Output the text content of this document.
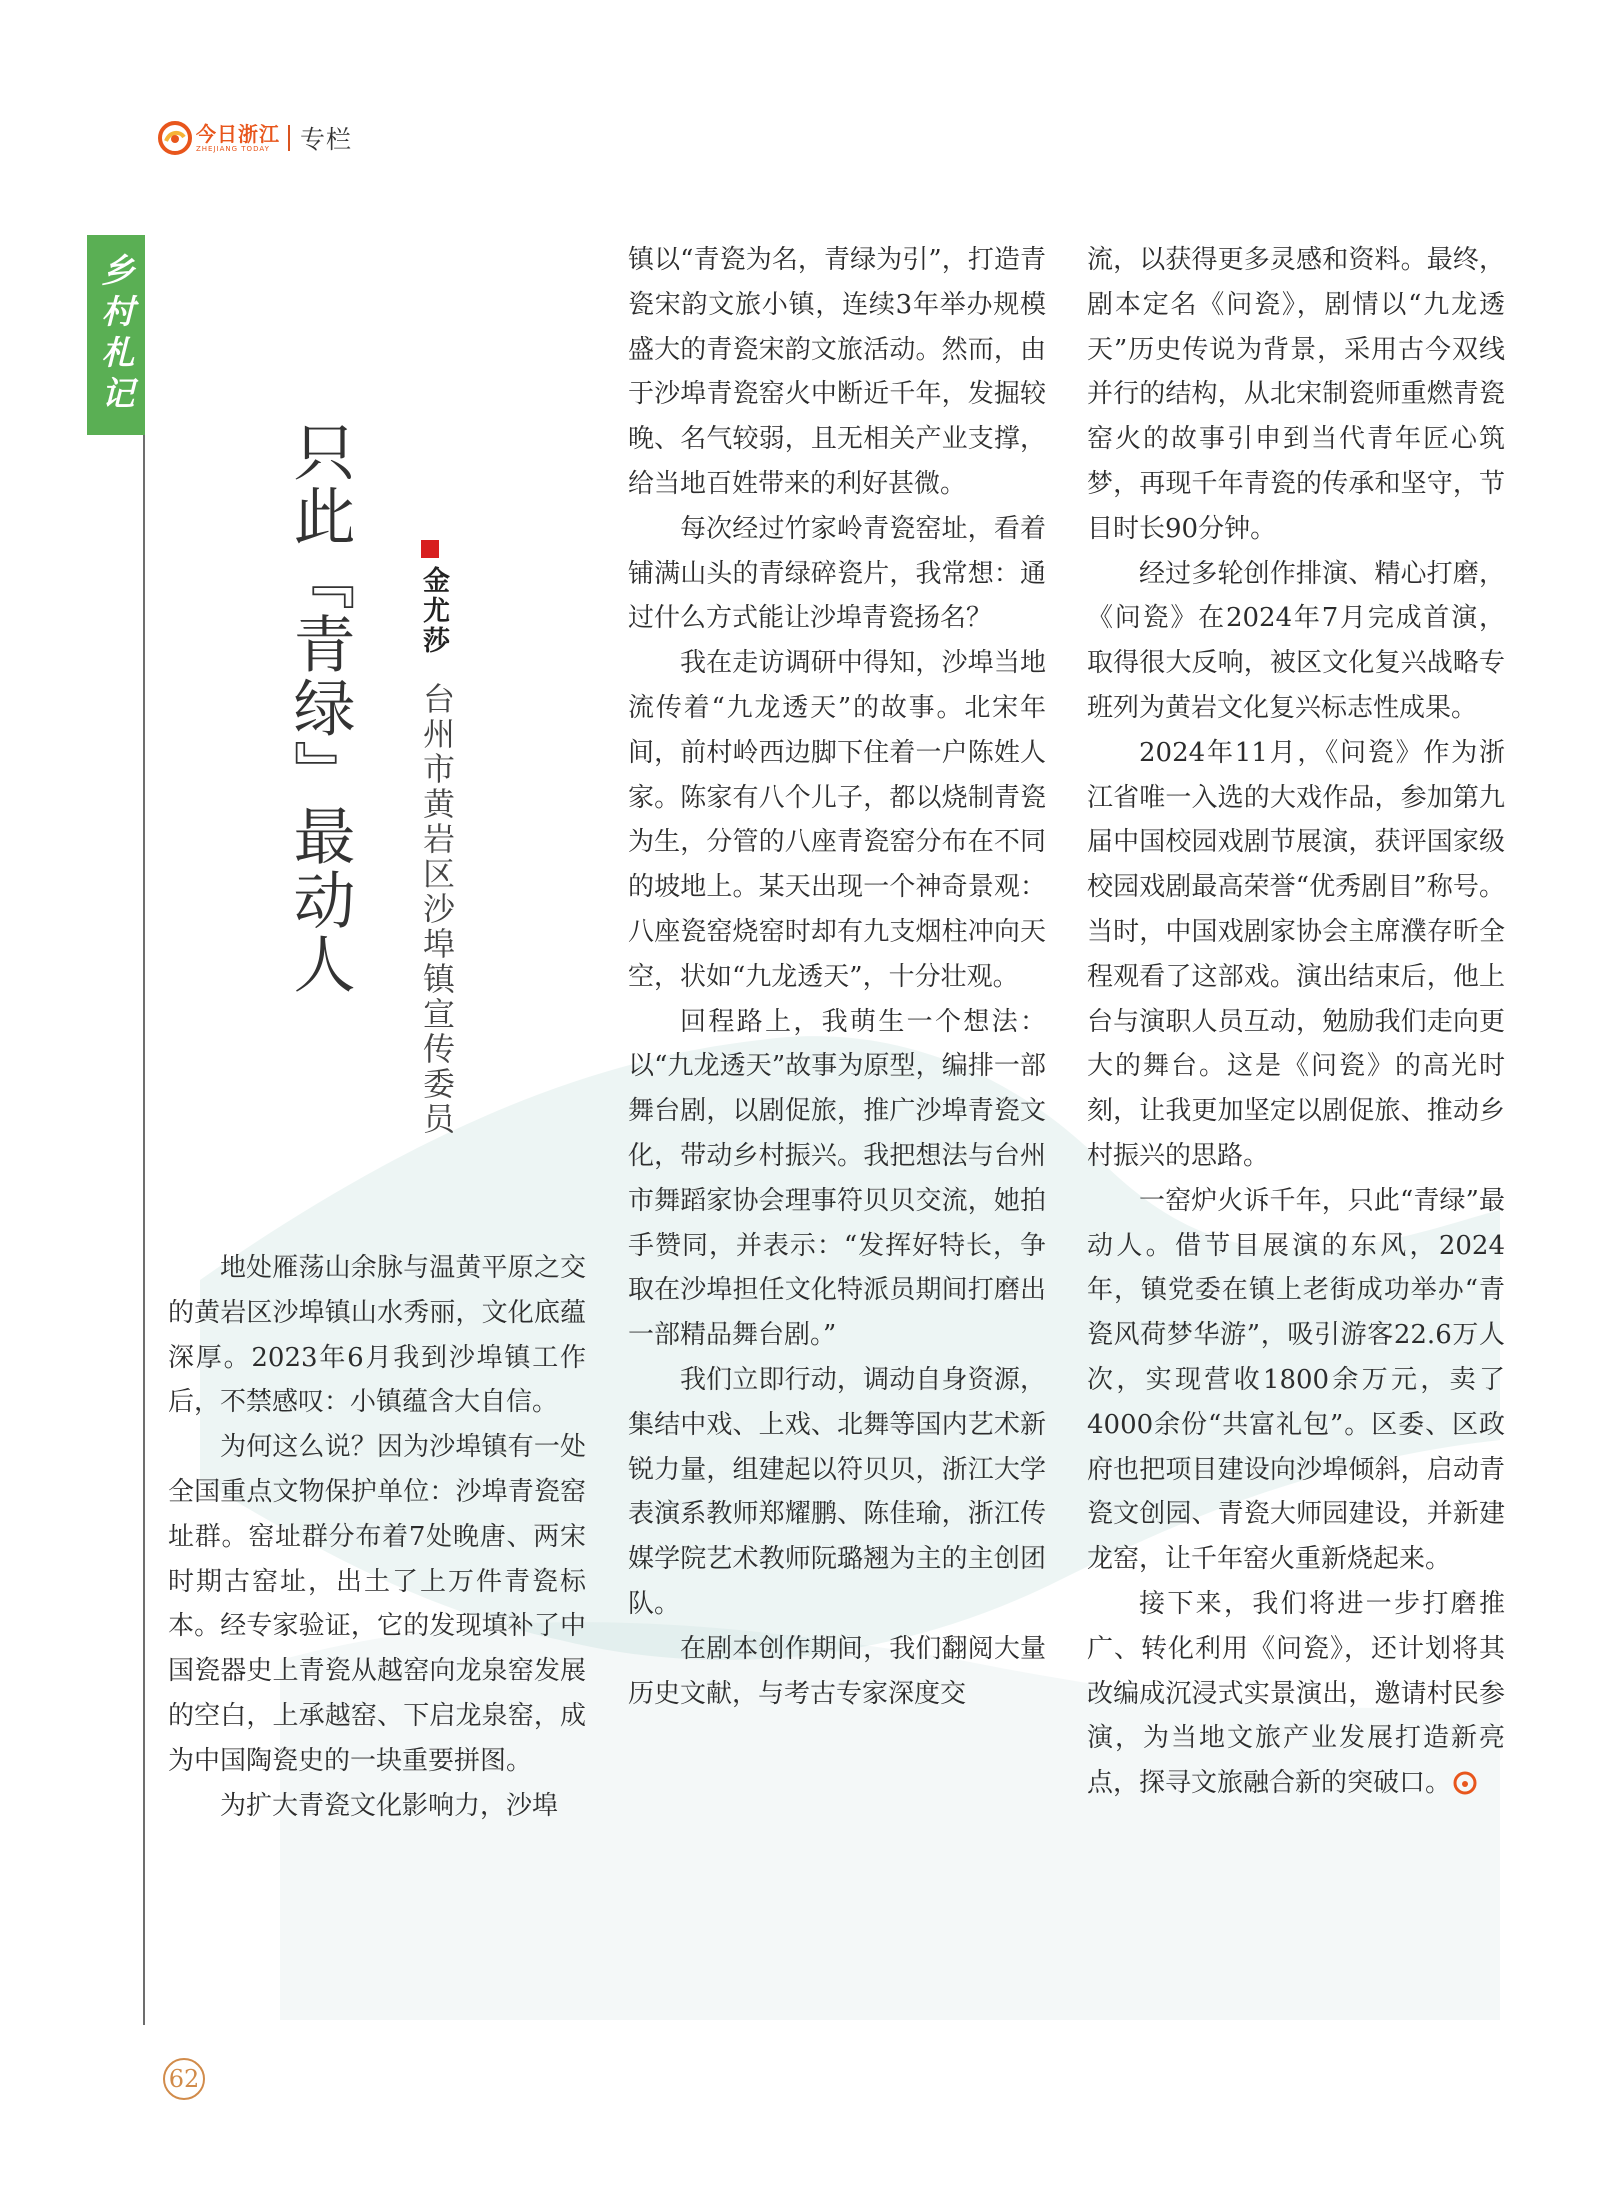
今日浙江
ZHEJIANG TODAY	专栏
乡村札记
只此『青绿』最动人 金尤莎
台州市黄岩区沙埠镇宣传委员

地处雁荡山余脉与温黄平原之交的黄岩区沙埠镇山水秀丽，文化底蕴深厚。2023年6月我到沙埠镇工作后，不禁感叹：小镇蕴含大自信。

为何这么说？因为沙埠镇有一处全国重点文物保护单位：沙埠青瓷窑址群。窑址群分布着7处晚唐、两宋时期古窑址，出土了上万件青瓷标本。经专家验证，它的发现填补了中国瓷器史上青瓷从越窑向龙泉窑发展的空白，上承越窑、下启龙泉窑，成为中国陶瓷史的一块重要拼图。

为扩大青瓷文化影响力，沙埠

镇以“青瓷为名，青绿为引”，打造青瓷宋韵文旅小镇，连续3年举办规模盛大的青瓷宋韵文旅活动。然而，由于沙埠青瓷窑火中断近千年，发掘较晚、名气较弱，且无相关产业支撑，给当地百姓带来的利好甚微。

每次经过竹家岭青瓷窑址，看着铺满山头的青绿碎瓷片，我常想：通过什么方式能让沙埠青瓷扬名？

我在走访调研中得知，沙埠当地流传着“九龙透天”的故事。北宋年间，前村岭西边脚下住着一户陈姓人家。陈家有八个儿子，都以烧制青瓷为生，分管的八座青瓷窑分布在不同的坡地上。某天出现一个神奇景观：八座瓷窑烧窑时却有九支烟柱冲向天空，状如“九龙透天”，十分壮观。

回程路上，我萌生一个想法：以“九龙透天”故事为原型，编排一部舞台剧，以剧促旅，推广沙埠青瓷文化，带动乡村振兴。我把想法与台州市舞蹈家协会理事符贝贝交流，她拍手赞同，并表示：“发挥好特长，争取在沙埠担任文化特派员期间打磨出一部精品舞台剧。”

我们立即行动，调动自身资源，集结中戏、上戏、北舞等国内艺术新锐力量，组建起以符贝贝，浙江大学表演系教师郑耀鹏、陈佳瑜，浙江传媒学院艺术教师阮璐翘为主的主创团队。

在剧本创作期间，我们翻阅大量历史文献，与考古专家深度交

流，以获得更多灵感和资料。最终，剧本定名《问瓷》，剧情以“九龙透天”历史传说为背景，采用古今双线并行的结构，从北宋制瓷师重燃青瓷窑火的故事引申到当代青年匠心筑梦，再现千年青瓷的传承和坚守，节目时长90分钟。

经过多轮创作排演、精心打磨，《问瓷》在2024年7月完成首演，取得很大反响，被区文化复兴战略专班列为黄岩文化复兴标志性成果。

2024年11月，《问瓷》作为浙江省唯一入选的大戏作品，参加第九届中国校园戏剧节展演，获评国家级校园戏剧最高荣誉“优秀剧目”称号。当时，中国戏剧家协会主席濮存昕全程观看了这部戏。演出结束后，他上台与演职人员互动，勉励我们走向更大的舞台。这是《问瓷》的高光时刻，让我更加坚定以剧促旅、推动乡村振兴的思路。

一窑炉火诉千年，只此“青绿”最动人。借节目展演的东风，2024年，镇党委在镇上老街成功举办“青瓷风荷梦华游”，吸引游客22.6万人次，实现营收1800余万元，卖了4000余份“共富礼包”。区委、区政府也把项目建设向沙埠倾斜，启动青瓷文创园、青瓷大师园建设，并新建龙窑，让千年窑火重新烧起来。

接下来，我们将进一步打磨推广、转化利用《问瓷》，还计划将其改编成沉浸式实景演出，邀请村民参演，为当地文旅产业发展打造新亮点，探寻文旅融合新的突破口。

62
